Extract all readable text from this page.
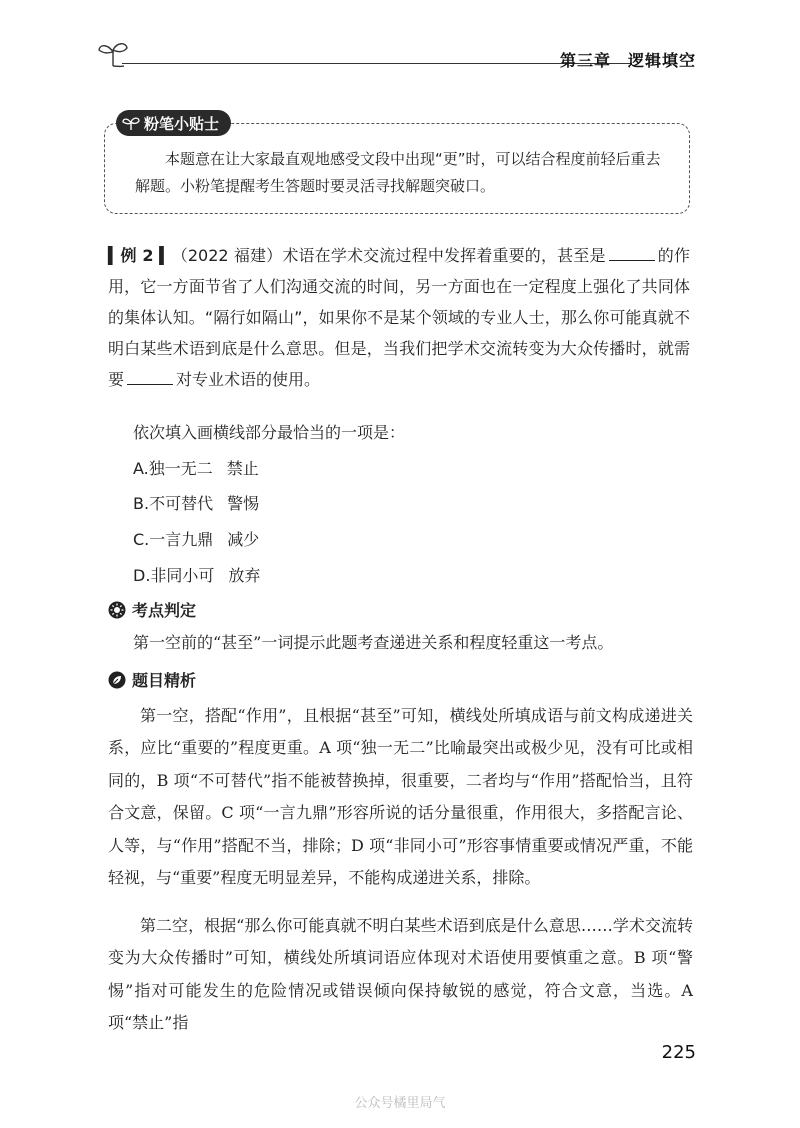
第三章　逻辑填空
粉笔小贴士
本题意在让大家最直观地感受文段中出现“更”时，可以结合程度前轻后重去解题。小粉笔提醒考生答题时要灵活寻找解题突破口。
▍例 2 ▍（2022 福建）术语在学术交流过程中发挥着重要的，甚至是	的作用，它一方面节省了人们沟通交流的时间，另一方面也在一定程度上强化了共同体的集体认知。“隔行如隔山”，如果你不是某个领域的专业人士，那么你可能真就不明白某些术语到底是什么意思。但是，当我们把学术交流转变为大众传播时，就需要	对专业术语的使用。
依次填入画横线部分最恰当的一项是：
A.独一无二 禁止
B.不可替代 警惕
C.一言九鼎 减少
D.非同小可 放弃
考点判定
第一空前的“甚至”一词提示此题考查递进关系和程度轻重这一考点。
题目精析
第一空，搭配“作用”，且根据“甚至”可知，横线处所填成语与前文构成递进关系，应比“重要的”程度更重。A 项“独一无二”比喻最突出或极少见，没有可比或相同的，B 项“不可替代”指不能被替换掉，很重要，二者均与“作用”搭配恰当，且符合文意，保留。C 项“一言九鼎”形容所说的话分量很重，作用很大，多搭配言论、人等，与“作用”搭配不当，排除；D 项“非同小可”形容事情重要或情况严重，不能轻视，与“重要”程度无明显差异，不能构成递进关系，排除。
第二空，根据“那么你可能真就不明白某些术语到底是什么意思……学术交流转变为大众传播时”可知，横线处所填词语应体现对术语使用要慎重之意。B 项“警惕”指对可能发生的危险情况或错误倾向保持敏锐的感觉，符合文意，当选。A 项“禁止”指
225
公众号橘里局气
